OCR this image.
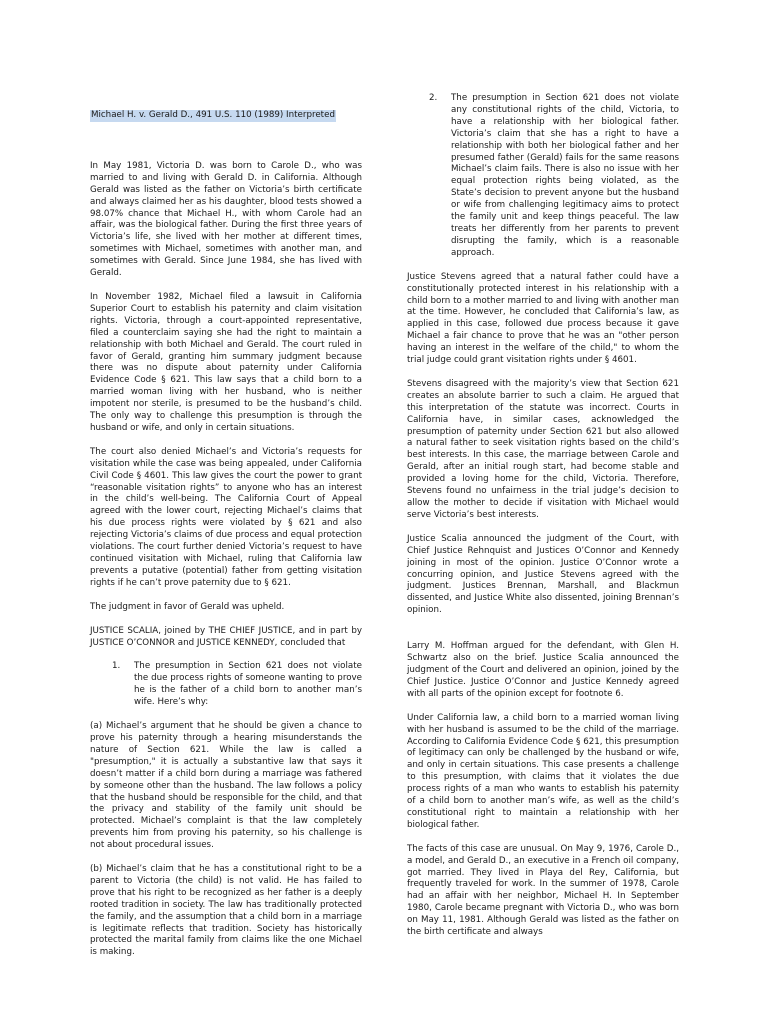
Michael H. v. Gerald D., 491 U.S. 110 (1989) Interpreted

In May 1981, Victoria D. was born to Carole D., who was married to and living with Gerald D. in California. Although Gerald was listed as the father on Victoria’s birth certificate and always claimed her as his daughter, blood tests showed a 98.07% chance that Michael H., with whom Carole had an affair, was the biological father. During the first three years of Victoria’s life, she lived with her mother at different times, sometimes with Michael, sometimes with another man, and sometimes with Gerald. Since June 1984, she has lived with Gerald.

In November 1982, Michael filed a lawsuit in California Superior Court to establish his paternity and claim visitation rights. Victoria, through a court-appointed representative, filed a counterclaim saying she had the right to maintain a relationship with both Michael and Gerald. The court ruled in favor of Gerald, granting him summary judgment because there was no dispute about paternity under California Evidence Code § 621. This law says that a child born to a married woman living with her husband, who is neither impotent nor sterile, is presumed to be the husband’s child. The only way to challenge this presumption is through the husband or wife, and only in certain situations.

The court also denied Michael’s and Victoria’s requests for visitation while the case was being appealed, under California Civil Code § 4601. This law gives the court the power to grant “reasonable visitation rights” to anyone who has an interest in the child’s well-being. The California Court of Appeal agreed with the lower court, rejecting Michael’s claims that his due process rights were violated by § 621 and also rejecting Victoria’s claims of due process and equal protection violations. The court further denied Victoria’s request to have continued visitation with Michael, ruling that California law prevents a putative (potential) father from getting visitation rights if he can’t prove paternity due to § 621.

The judgment in favor of Gerald was upheld.

JUSTICE SCALIA, joined by THE CHIEF JUSTICE, and in part by JUSTICE O’CONNOR and JUSTICE KENNEDY, concluded that

1. The presumption in Section 621 does not violate the due process rights of someone wanting to prove he is the father of a child born to another man’s wife. Here’s why:

(a) Michael’s argument that he should be given a chance to prove his paternity through a hearing misunderstands the nature of Section 621. While the law is called a "presumption," it is actually a substantive law that says it doesn’t matter if a child born during a marriage was fathered by someone other than the husband. The law follows a policy that the husband should be responsible for the child, and that the privacy and stability of the family unit should be protected. Michael’s complaint is that the law completely prevents him from proving his paternity, so his challenge is not about procedural issues.

(b) Michael’s claim that he has a constitutional right to be a parent to Victoria (the child) is not valid. He has failed to prove that his right to be recognized as her father is a deeply rooted tradition in society. The law has traditionally protected the family, and the assumption that a child born in a marriage is legitimate reflects that tradition. Society has historically protected the marital family from claims like the one Michael is making.

2. The presumption in Section 621 does not violate any constitutional rights of the child, Victoria, to have a relationship with her biological father. Victoria’s claim that she has a right to have a relationship with both her biological father and her presumed father (Gerald) fails for the same reasons Michael’s claim fails. There is also no issue with her equal protection rights being violated, as the State’s decision to prevent anyone but the husband or wife from challenging legitimacy aims to protect the family unit and keep things peaceful. The law treats her differently from her parents to prevent disrupting the family, which is a reasonable approach.

Justice Stevens agreed that a natural father could have a constitutionally protected interest in his relationship with a child born to a mother married to and living with another man at the time. However, he concluded that California’s law, as applied in this case, followed due process because it gave Michael a fair chance to prove that he was an "other person having an interest in the welfare of the child," to whom the trial judge could grant visitation rights under § 4601.

Stevens disagreed with the majority’s view that Section 621 creates an absolute barrier to such a claim. He argued that this interpretation of the statute was incorrect. Courts in California have, in similar cases, acknowledged the presumption of paternity under Section 621 but also allowed a natural father to seek visitation rights based on the child’s best interests. In this case, the marriage between Carole and Gerald, after an initial rough start, had become stable and provided a loving home for the child, Victoria. Therefore, Stevens found no unfairness in the trial judge’s decision to allow the mother to decide if visitation with Michael would serve Victoria’s best interests.

Justice Scalia announced the judgment of the Court, with Chief Justice Rehnquist and Justices O’Connor and Kennedy joining in most of the opinion. Justice O’Connor wrote a concurring opinion, and Justice Stevens agreed with the judgment. Justices Brennan, Marshall, and Blackmun dissented, and Justice White also dissented, joining Brennan’s opinion.

Larry M. Hoffman argued for the defendant, with Glen H. Schwartz also on the brief. Justice Scalia announced the judgment of the Court and delivered an opinion, joined by the Chief Justice. Justice O’Connor and Justice Kennedy agreed with all parts of the opinion except for footnote 6.

Under California law, a child born to a married woman living with her husband is assumed to be the child of the marriage. According to California Evidence Code § 621, this presumption of legitimacy can only be challenged by the husband or wife, and only in certain situations. This case presents a challenge to this presumption, with claims that it violates the due process rights of a man who wants to establish his paternity of a child born to another man’s wife, as well as the child’s constitutional right to maintain a relationship with her biological father.

The facts of this case are unusual. On May 9, 1976, Carole D., a model, and Gerald D., an executive in a French oil company, got married. They lived in Playa del Rey, California, but frequently traveled for work. In the summer of 1978, Carole had an affair with her neighbor, Michael H. In September 1980, Carole became pregnant with Victoria D., who was born on May 11, 1981. Although Gerald was listed as the father on the birth certificate and always
